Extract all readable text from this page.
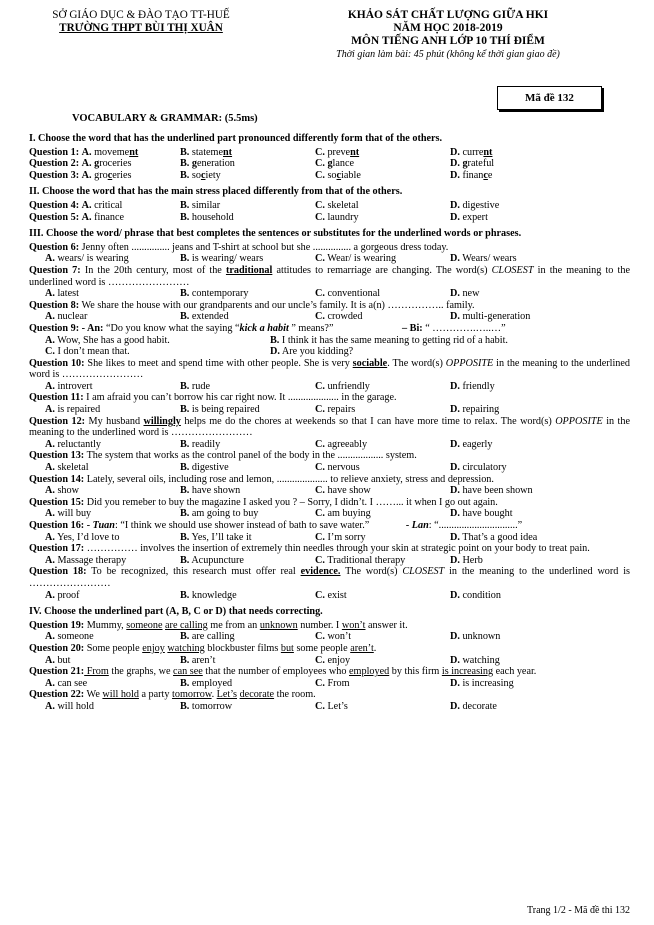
SỞ GIÁO DỤC & ĐÀO TẠO TT-HUẾ
TRƯỜNG THPT BÙI THỊ XUÂN
KHẢO SÁT CHẤT LƯỢNG GIỮA HKI
NĂM HỌC 2018-2019
MÔN TIẾNG ANH LỚP 10 THÍ ĐIỂM
Thời gian làm bài: 45 phút (không kể thời gian giao đề)
Mã đề 132
VOCABULARY & GRAMMAR: (5.5ms)
I. Choose the word that has the underlined part pronounced differently form that of the others.
Question 1: A. movement	B. statement	C. prevent	D. current
Question 2: A. groceries	B. generation	C. glance	D. grateful
Question 3: A. groceries	B. society	C. sociable	D. finance
II. Choose the word that has the main stress placed differently from that of the others.
Question 4: A. critical	B. similar	C. skeletal	D. digestive
Question 5: A. finance	B. household	C. laundry	D. expert
III. Choose the word/ phrase that best completes the sentences or substitutes for the underlined words or phrases.
Question 6: Jenny often ............... jeans and T-shirt at school but she ............... a gorgeous dress today.
A. wears/ is wearing	B. is wearing/ wears	C. Wear/ is wearing	D. Wears/ wears
Question 7: In the 20th century, most of the traditional attitudes to remarriage are changing. The word(s) CLOSEST in the meaning to the underlined word is ……………………
A. latest	B. contemporary	C. conventional	D. new
Question 8: We share the house with our grandparents and our uncle’s family. It is a(n) …………….. family.
A. nuclear	B. extended	C. crowded	D. multi-generation
Question 9: - An: “Do you know what the saying “kick a habit ” means?”	– Bi: “ ………….…..…”
A. Wow, She has a good habit.	B. I think it has the same meaning to getting rid of a habit.
C. I don’t mean that.	D. Are you kidding?
Question 10: She likes to meet and spend time with other people. She is very sociable. The word(s) OPPOSITE in the meaning to the underlined word is ……………………
A. introvert	B. rude	C. unfriendly	D. friendly
Question 11: I am afraid you can’t borrow his car right now. It .................... in the garage.
A. is repaired	B. is being repaired	C. repairs	D. repairing
Question 12: My husband willingly helps me do the chores at weekends so that I can have more time to relax. The word(s) OPPOSITE in the meaning to the underlined word is ……………………
A. reluctantly	B. readily	C. agreeably	D. eagerly
Question 13: The system that works as the control panel of the body in the .................. system.
A. skeletal	B. digestive	C. nervous	D. circulatory
Question 14: Lately, several oils, including rose and lemon, .................... to relieve anxiety, stress and depression.
A. show	B. have shown	C. have show	D. have been shown
Question 15: Did you remeber to buy the magazine I asked you ? – Sorry, I didn’t. I ……... it when I go out again.
A. will buy	B. am going to buy	C. am buying	D. have bought
Question 16: - Tuan: “I think we should use shower instead of bath to save water.”	- Lan: “...............................”
A. Yes, I’d love to	B. Yes, I’ll take it	C. I’m sorry	D. That’s a good idea
Question 17: …………… involves the insertion of extremely thin needles through your skin at strategic point on your body to treat pain.
A. Massage therapy	B. Acupuncture	C. Traditional therapy	D. Herb
Question 18: To be recognized, this research must offer real evidence. The word(s) CLOSEST in the meaning to the underlined word is ……………………
A. proof	B. knowledge	C. exist	D. condition
IV. Choose the underlined part (A, B, C or D) that needs correcting.
Question 19: Mummy, someone are calling me from an unknown number. I won’t answer it.
A. someone	B. are calling	C. won’t	D. unknown
Question 20: Some people enjoy watching blockbuster films but some people aren’t.
A. but	B. aren’t	C. enjoy	D. watching
Question 21: From the graphs, we can see that the number of employees who employed by this firm is increasing each year.
A. can see	B. employed	C. From	D. is increasing
Question 22: We will hold a party tomorrow. Let’s decorate the room.
A. will hold	B. tomorrow	C. Let’s	D. decorate
Trang 1/2 - Mã đề thi 132
